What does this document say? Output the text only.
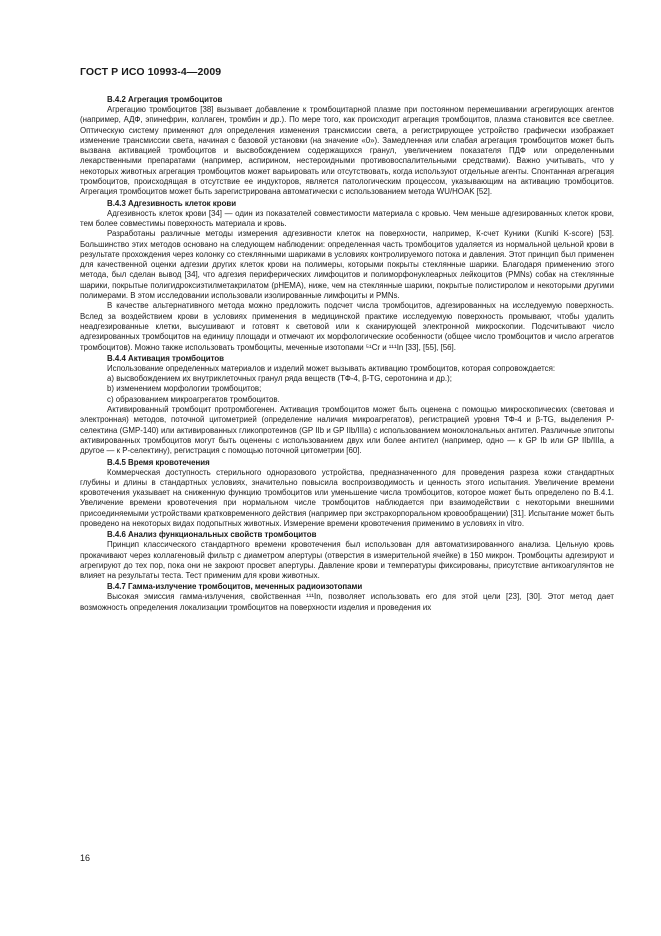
ГОСТ Р ИСО 10993-4—2009
В.4.2 Агрегация тромбоцитов

Агрегацию тромбоцитов [38] вызывает добавление к тромбоцитарной плазме при постоянном перемешивании агрегирующих агентов (например, АДФ, эпинефрин, коллаген, тромбин и др.). По мере того, как происходит агрегация тромбоцитов, плазма становится все светлее. Оптическую систему применяют для определения изменения трансмиссии света, а регистрирующее устройство графически изображает изменение трансмиссии света, начиная с базовой установки (на значение «0»). Замедленная или слабая агрегация тромбоцитов может быть вызвана активацией тромбоцитов и высвобождением содержащихся гранул, увеличением показателя ПДФ или определенными лекарственными препаратами (например, аспирином, нестероидными противовоспалительными средствами). Важно учитывать, что у некоторых животных агрегация тромбоцитов может варьировать или отсутствовать, когда используют отдельные агенты. Спонтанная агрегация тромбоцитов, происходящая в отсутствие ее индукторов, является патологическим процессом, указывающим на активацию тромбоцитов. Агрегация тромбоцитов может быть зарегистрирована автоматически с использованием метода WU/HOAK [52].

В.4.3 Адгезивность клеток крови

Адгезивность клеток крови [34] — один из показателей совместимости материала с кровью. Чем меньше адгезированных клеток крови, тем более совместимы поверхность материала и кровь.

Разработаны различные методы измерения адгезивности клеток на поверхности, например, К-счет Куники (Kuniki K-score) [53]. Большинство этих методов основано на следующем наблюдении: определенная часть тромбоцитов удаляется из нормальной цельной крови в результате прохождения через колонку со стеклянными шариками в условиях контролируемого потока и давления. Этот принцип был применен для качественной оценки адгезии других клеток крови на полимеры, которыми покрыты стеклянные шарики. Благодаря применению этого метода, был сделан вывод [34], что адгезия периферических лимфоцитов и полиморфонуклеарных лейкоцитов (PMNs) собак на стеклянные шарики, покрытые полигидроксиэтилметакрилатом (pHEMA), ниже, чем на стеклянные шарики, покрытые полистиролом и некоторыми другими полимерами. В этом исследовании использовали изолированные лимфоциты и PMNs.

В качестве альтернативного метода можно предложить подсчет числа тромбоцитов, адгезированных на исследуемую поверхность. Вслед за воздействием крови в условиях применения в медицинской практике исследуемую поверхность промывают, чтобы удалить неадгезированные клетки, высушивают и готовят к световой или к сканирующей электронной микроскопии. Подсчитывают число адгезированных тромбоцитов на единицу площади и отмечают их морфологические особенности (общее число тромбоцитов и число агрегатов тромбоцитов). Можно также использовать тромбоциты, меченные изотопами ⁵¹Cr и ¹¹¹In [33], [55], [56].

В.4.4 Активация тромбоцитов

Использование определенных материалов и изделий может вызывать активацию тромбоцитов, которая сопровождается:

а) высвобождением их внутриклеточных гранул ряда веществ (ТФ-4, β-TG, серотонина и др.);

b) изменением морфологии тромбоцитов;

с) образованием микроагрегатов тромбоцитов.

Активированный тромбоцит протромбогенен. Активация тромбоцитов может быть оценена с помощью микроскопических (световая и электронная) методов, поточной цитометрией (определение наличия микроагрегатов), регистрацией уровня ТФ-4 и β-TG, выделения Р-селектина (GMP-140) или активированных гликопротеинов (GP IIb и GP IIb/IIIa) с использованием моноклональных антител. Различные эпитопы активированных тромбоцитов могут быть оценены с использованием двух или более антител (например, одно — к GP Ib или GP IIb/IIIa, а другое — к Р-селектину), регистрация с помощью поточной цитометрии [60].

В.4.5 Время кровотечения

Коммерческая доступность стерильного одноразового устройства, предназначенного для проведения разреза кожи стандартных глубины и длины в стандартных условиях, значительно повысила воспроизводимость и ценность этого испытания. Увеличение времени кровотечения указывает на сниженную функцию тромбоцитов или уменьшение числа тромбоцитов, которое может быть определено по В.4.1. Увеличение времени кровотечения при нормальном числе тромбоцитов наблюдается при взаимодействии с некоторыми внешними присоединяемыми устройствами кратковременного действия (например при экстракорпоральном кровообращении) [31]. Испытание может быть проведено на некоторых видах подопытных животных. Измерение времени кровотечения применимо в условиях in vitro.

В.4.6 Анализ функциональных свойств тромбоцитов

Принцип классического стандартного времени кровотечения был использован для автоматизированного анализа. Цельную кровь прокачивают через коллагеновый фильтр с диаметром апертуры (отверстия в измерительной ячейке) в 150 микрон. Тромбоциты адгезируют и агрегируют до тех пор, пока они не закроют просвет апертуры. Давление крови и температуры фиксированы, присутствие антикоагулянтов не влияет на результаты теста. Тест применим для крови животных.

В.4.7 Гамма-излучение тромбоцитов, меченных радиоизотопами

Высокая эмиссия гамма-излучения, свойственная ¹¹¹In, позволяет использовать его для этой цели [23], [30]. Этот метод дает возможность определения локализации тромбоцитов на поверхности изделия и проведения их

16
